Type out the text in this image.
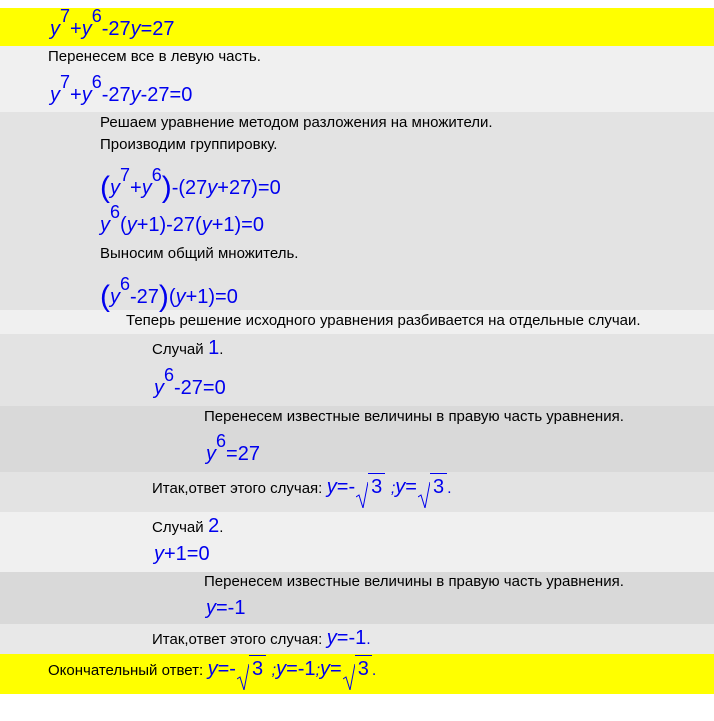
y7+y6-27y=27
Перенесем все в левую часть.
y7+y6-27y-27=0
Решаем уравнение методом разложения на множители.
Производим группировку.
(y7+y6)-(27y+27)=0
y6(y+1)-27(y+1)=0
Выносим общий множитель.
(y6-27)(y+1)=0
Теперь решение исходного уравнения разбивается на отдельные случаи.
Случай 1.
y6-27=0
Перенесем известные величины в правую часть уравнения.
y6=27
Итак,ответ этого случая: y=- 3 ;y= 3 .
Случай 2.
y+1=0
Перенесем известные величины в правую часть уравнения.
y=-1
Итак,ответ этого случая: y=-1.
Окончательный ответ: y=- 3 ;y=-1;y= 3 .
